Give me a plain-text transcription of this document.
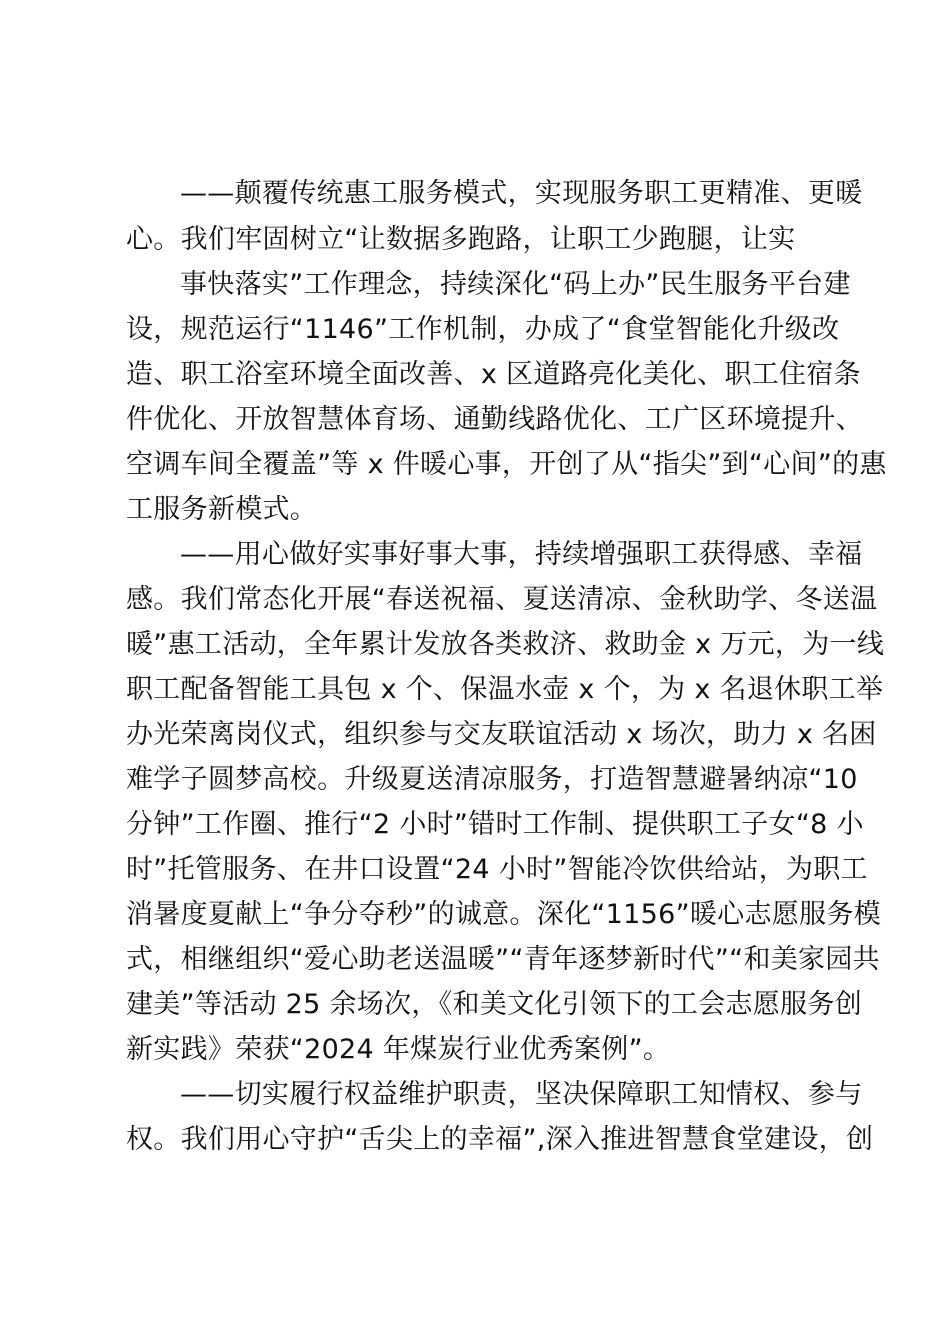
——颠覆传统惠工服务模式，实现服务职工更精准、更暖
心。我们牢固树立“让数据多跑路，让职工少跑腿，让实
事快落实”工作理念，持续深化“码上办”民生服务平台建
设，规范运行“1146”工作机制，办成了“食堂智能化升级改
造、职工浴室环境全面改善、x 区道路亮化美化、职工住宿条
件优化、开放智慧体育场、通勤线路优化、工广区环境提升、
空调车间全覆盖”等 x 件暖心事，开创了从“指尖”到“心间”的惠
工服务新模式。
——用心做好实事好事大事，持续增强职工获得感、幸福
感。我们常态化开展“春送祝福、夏送清凉、金秋助学、冬送温
暖”惠工活动，全年累计发放各类救济、救助金 x 万元，为一线
职工配备智能工具包 x 个、保温水壶 x 个，为 x 名退休职工举
办光荣离岗仪式，组织参与交友联谊活动 x 场次，助力 x 名困
难学子圆梦高校。升级夏送清凉服务，打造智慧避暑纳凉“10
分钟”工作圈、推行“2 小时”错时工作制、提供职工子女“8 小
时”托管服务、在井口设置“24 小时”智能冷饮供给站，为职工
消暑度夏献上“争分夺秒”的诚意。深化“1156”暖心志愿服务模
式，相继组织“爱心助老送温暖”“青年逐梦新时代”“和美家园共
建美”等活动 25 余场次，《和美文化引领下的工会志愿服务创
新实践》荣获“2024 年煤炭行业优秀案例”。
——切实履行权益维护职责，坚决保障职工知情权、参与
权。我们用心守护“舌尖上的幸福”,深入推进智慧食堂建设，创
